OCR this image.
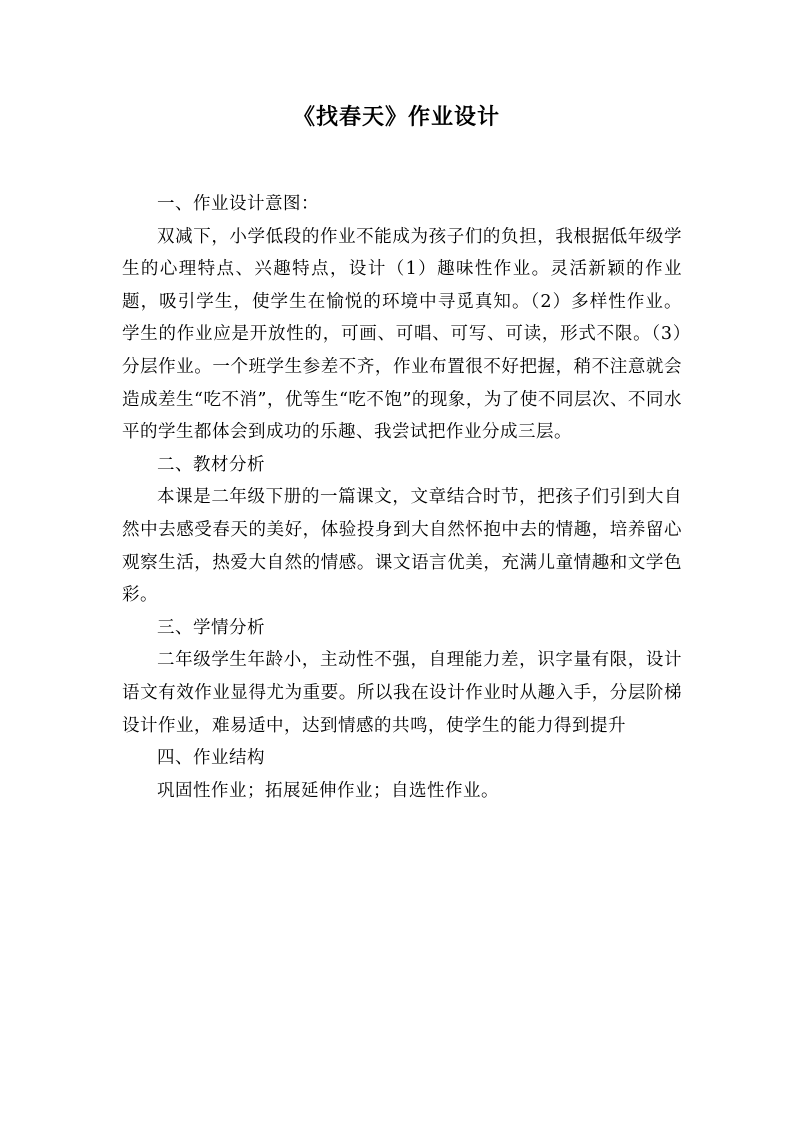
《找春天》作业设计

一、作业设计意图：

双减下，小学低段的作业不能成为孩子们的负担，我根据低年级学生的心理特点、兴趣特点，设计（1）趣味性作业。灵活新颖的作业题，吸引学生，使学生在愉悦的环境中寻觅真知。（2）多样性作业。学生的作业应是开放性的，可画、可唱、可写、可读，形式不限。（3）分层作业。一个班学生参差不齐，作业布置很不好把握，稍不注意就会造成差生“吃不消”，优等生“吃不饱”的现象，为了使不同层次、不同水平的学生都体会到成功的乐趣、我尝试把作业分成三层。

二、教材分析

本课是二年级下册的一篇课文，文章结合时节，把孩子们引到大自然中去感受春天的美好，体验投身到大自然怀抱中去的情趣，培养留心观察生活，热爱大自然的情感。课文语言优美，充满儿童情趣和文学色彩。

三、学情分析

二年级学生年龄小，主动性不强，自理能力差，识字量有限，设计语文有效作业显得尤为重要。所以我在设计作业时从趣入手，分层阶梯设计作业，难易适中，达到情感的共鸣，使学生的能力得到提升

四、作业结构

巩固性作业；拓展延伸作业；自选性作业。
